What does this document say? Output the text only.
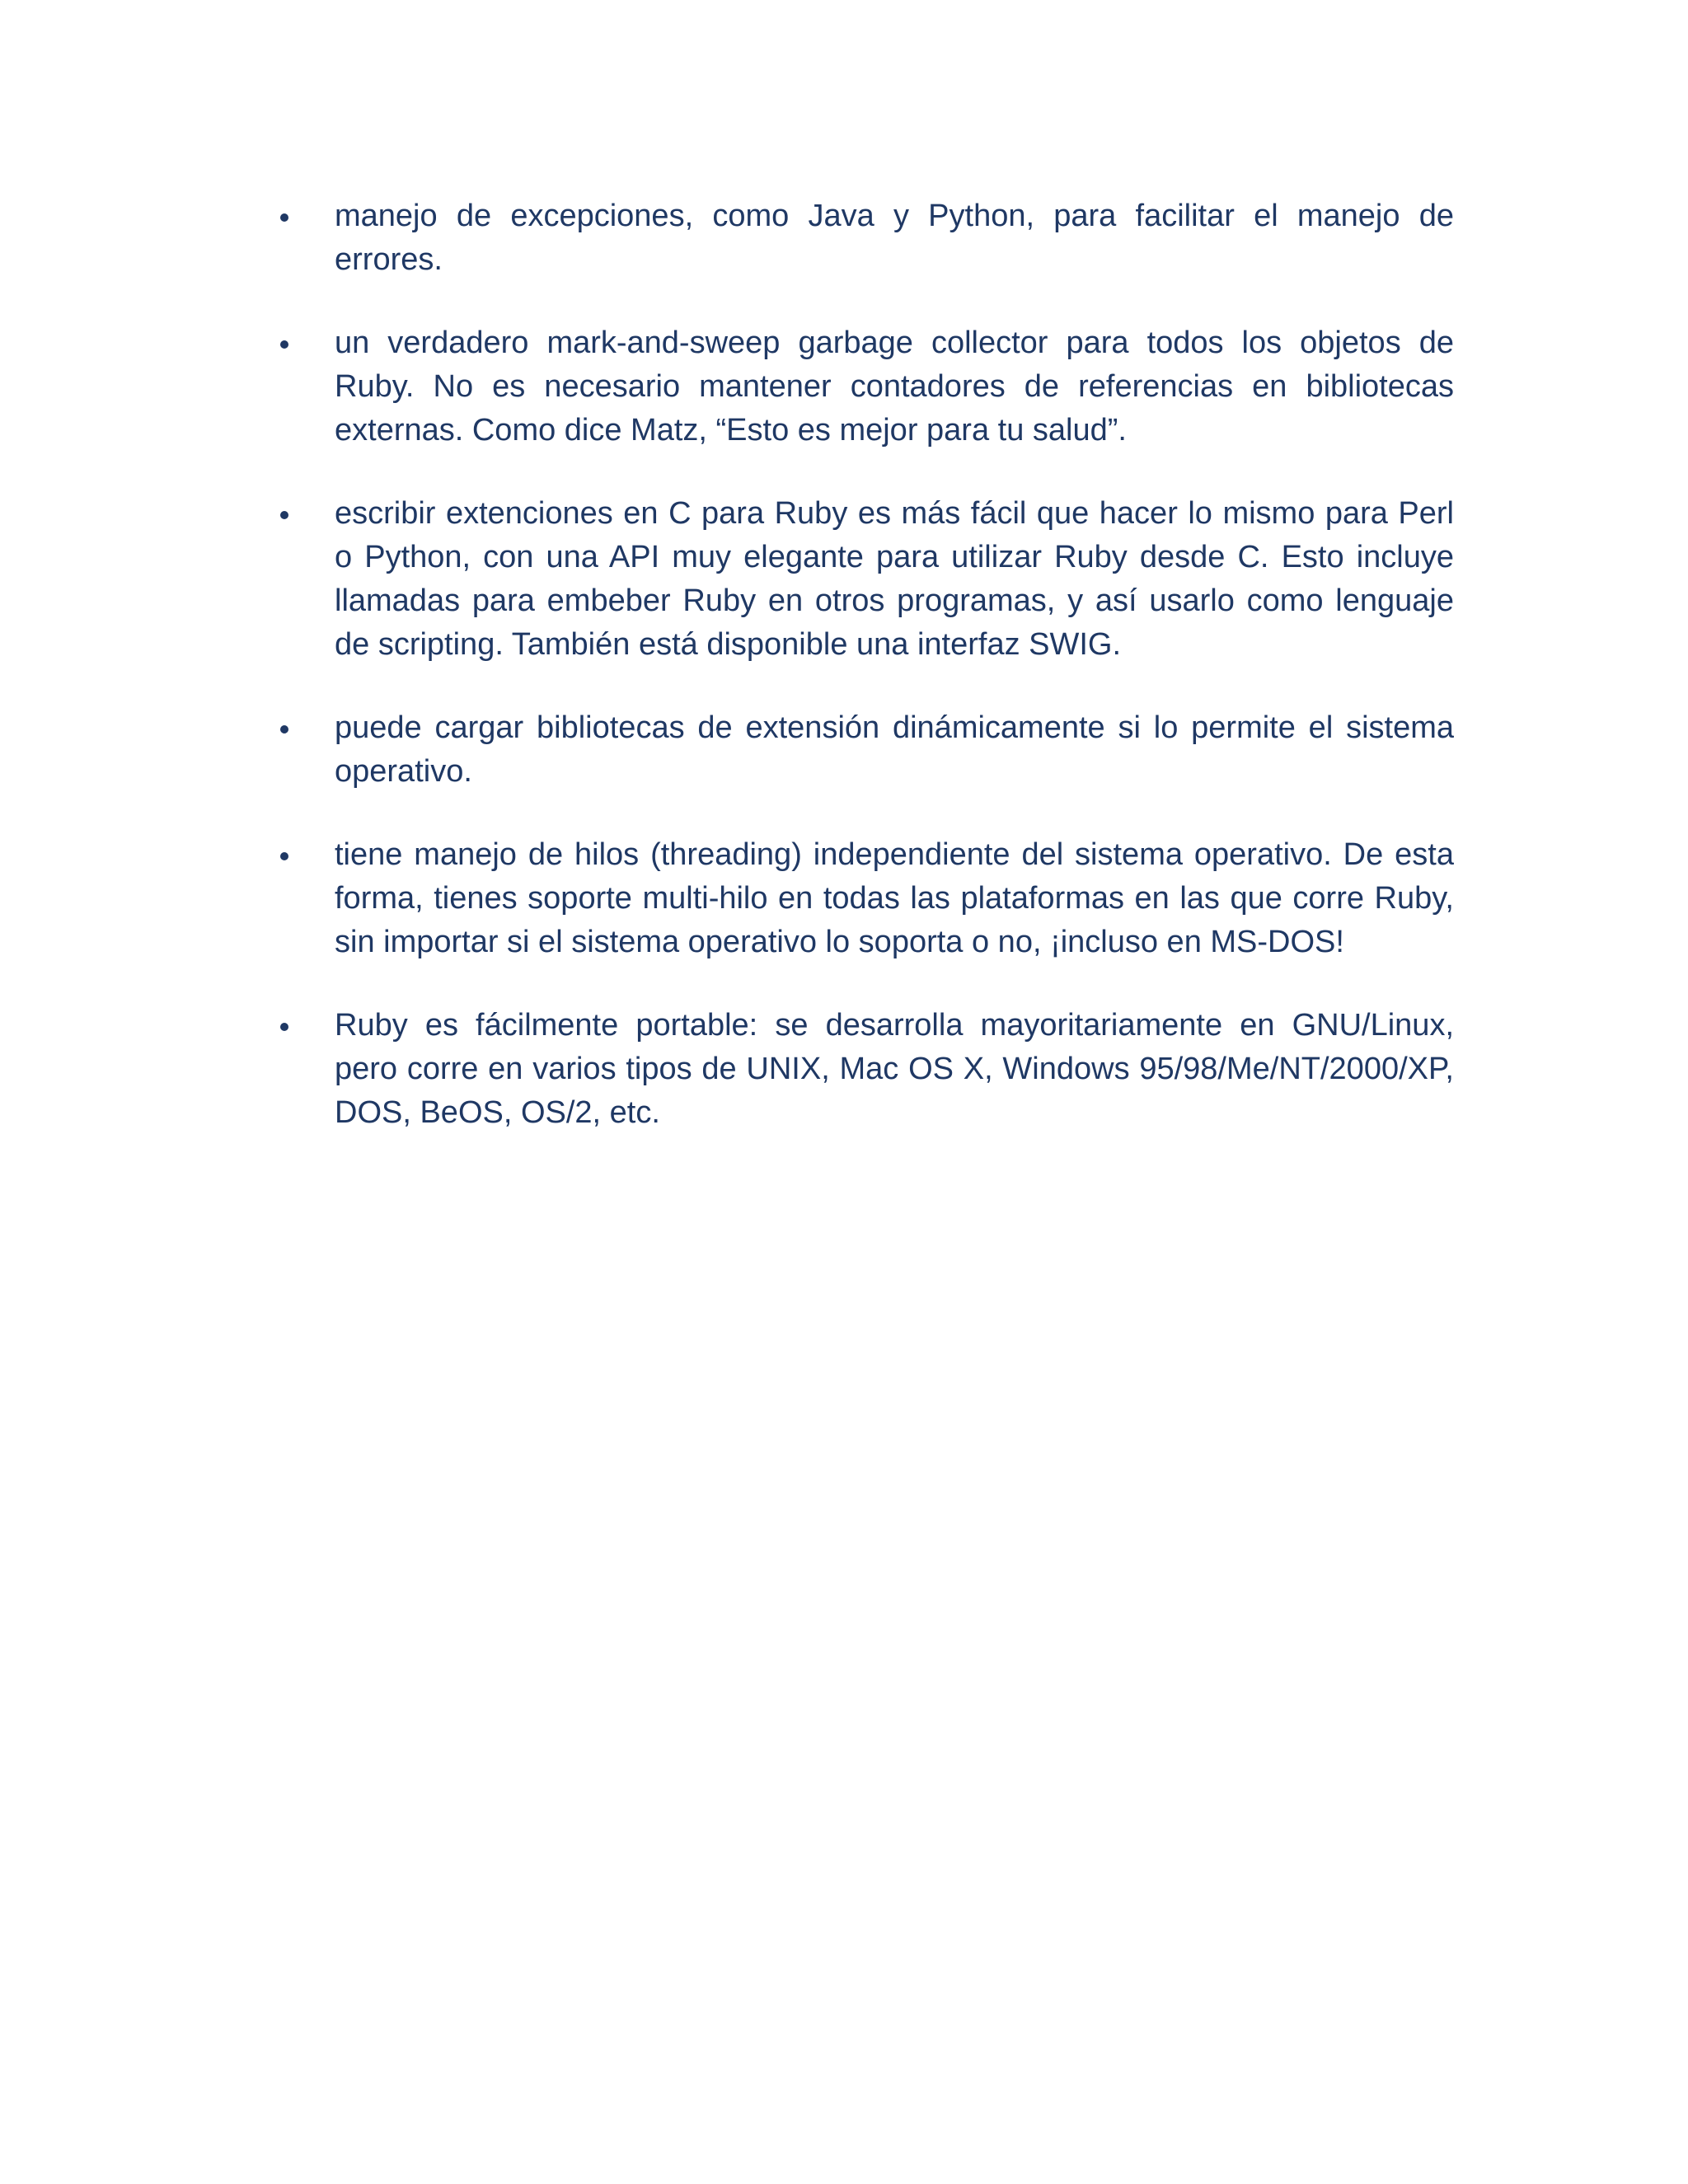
manejo de excepciones, como Java y Python, para facilitar el manejo de errores.
un verdadero mark-and-sweep garbage collector para todos los objetos de Ruby. No es necesario mantener contadores de referencias en bibliotecas externas. Como dice Matz, “Esto es mejor para tu salud”.
escribir extenciones en C para Ruby es más fácil que hacer lo mismo para Perl o Python, con una API muy elegante para utilizar Ruby desde C. Esto incluye llamadas para embeber Ruby en otros programas, y así usarlo como lenguaje de scripting. También está disponible una interfaz SWIG.
puede cargar bibliotecas de extensión dinámicamente si lo permite el sistema operativo.
tiene manejo de hilos (threading) independiente del sistema operativo. De esta forma, tienes soporte multi-hilo en todas las plataformas en las que corre Ruby, sin importar si el sistema operativo lo soporta o no, ¡incluso en MS-DOS!
Ruby es fácilmente portable: se desarrolla mayoritariamente en GNU/Linux, pero corre en varios tipos de UNIX, Mac OS X, Windows 95/98/Me/NT/2000/XP, DOS, BeOS, OS/2, etc.
